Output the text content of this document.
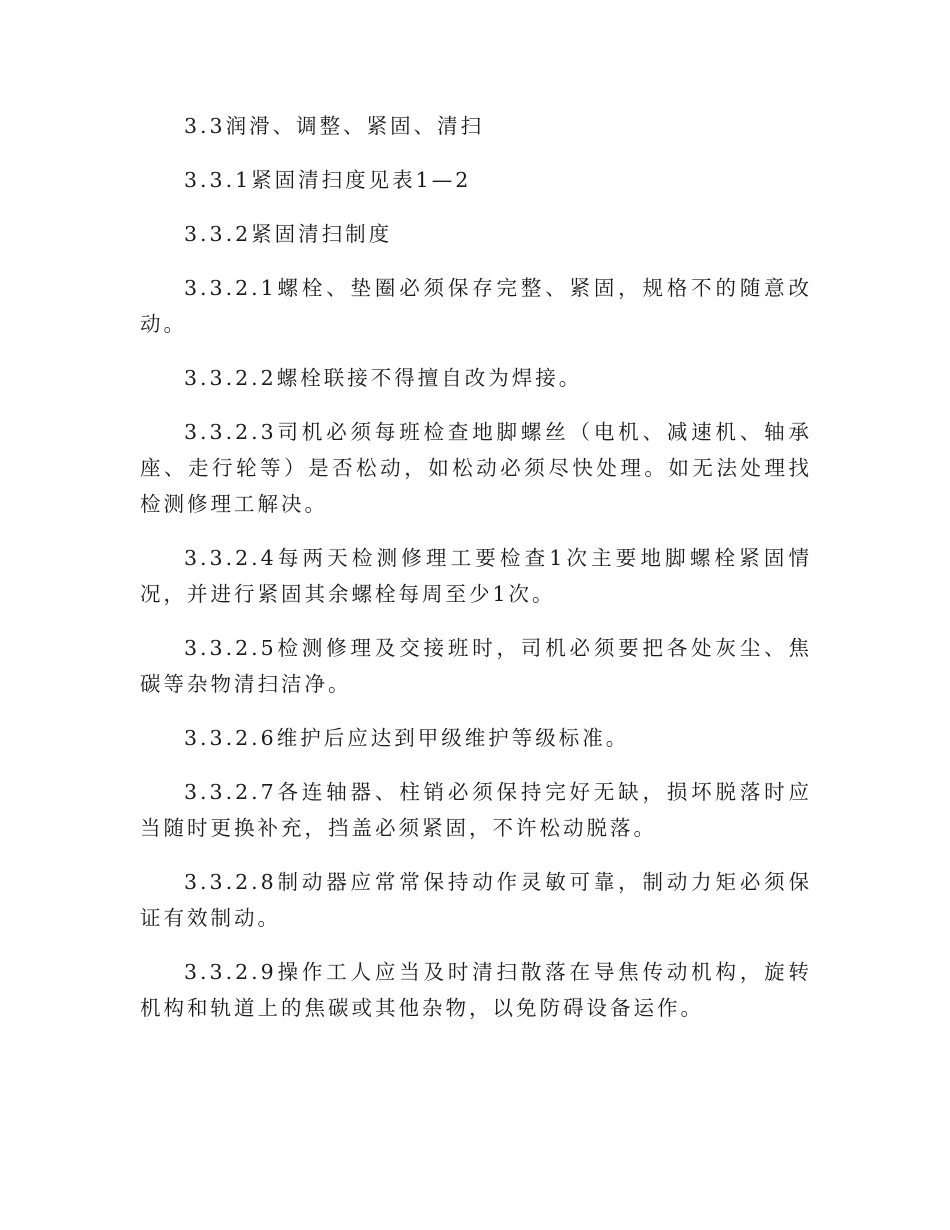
3.3润滑、调整、紧固、清扫

3.3.1紧固清扫度见表1—2

3.3.2紧固清扫制度

3.3.2.1螺栓、垫圈必须保存完整、紧固，规格不的随意改动。

3.3.2.2螺栓联接不得擅自改为焊接。

3.3.2.3司机必须每班检查地脚螺丝（电机、减速机、轴承座、走行轮等）是否松动，如松动必须尽快处理。如无法处理找检测修理工解决。

3.3.2.4每两天检测修理工要检查1次主要地脚螺栓紧固情况，并进行紧固其余螺栓每周至少1次。

3.3.2.5检测修理及交接班时，司机必须要把各处灰尘、焦碳等杂物清扫洁净。

3.3.2.6维护后应达到甲级维护等级标准。

3.3.2.7各连轴器、柱销必须保持完好无缺，损坏脱落时应当随时更换补充，挡盖必须紧固，不许松动脱落。

3.3.2.8制动器应常常保持动作灵敏可靠，制动力矩必须保证有效制动。

3.3.2.9操作工人应当及时清扫散落在导焦传动机构，旋转机构和轨道上的焦碳或其他杂物，以免防碍设备运作。
